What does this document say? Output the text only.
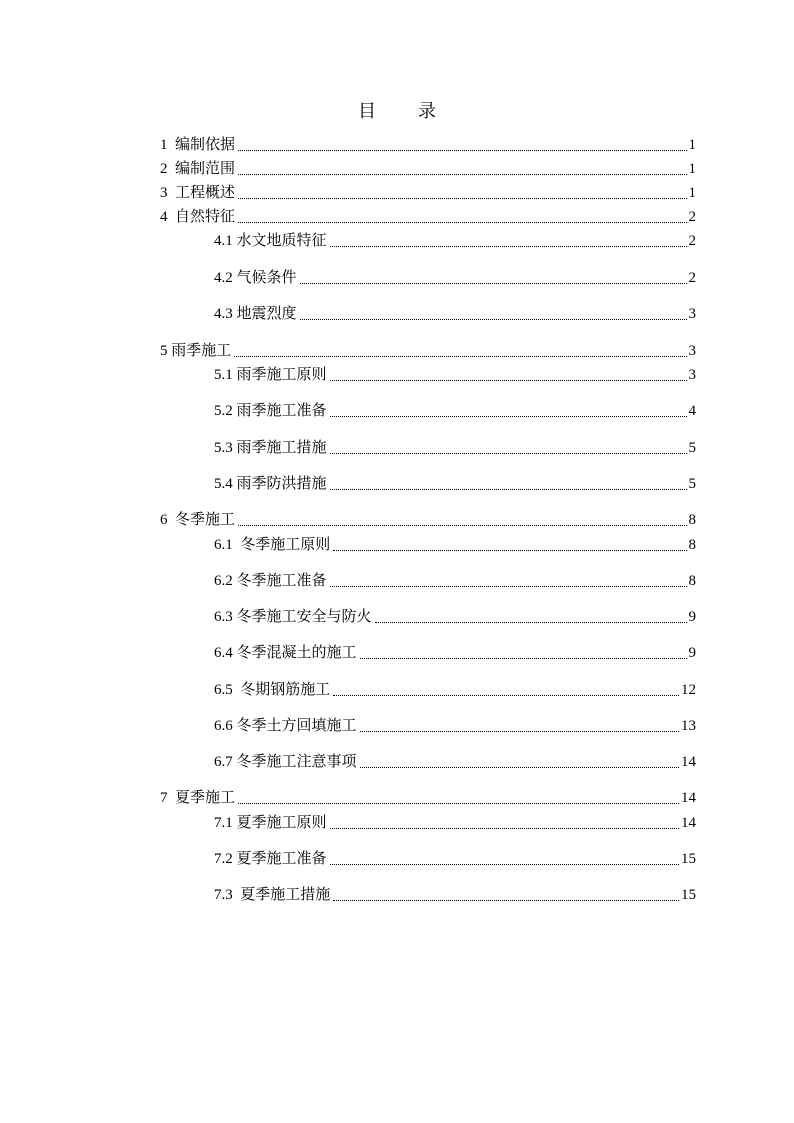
目 录
1 编制依据	1
2 编制范围	1
3 工程概述	1
4 自然特征	2
4.1 水文地质特征	2
4.2 气候条件	2
4.3 地震烈度	3
5 雨季施工	3
5.1 雨季施工原则	3
5.2 雨季施工准备	4
5.3 雨季施工措施	5
5.4 雨季防洪措施	5
6 冬季施工	8
6.1 冬季施工原则	8
6.2 冬季施工准备	8
6.3 冬季施工安全与防火	9
6.4 冬季混凝土的施工	9
6.5 冬期钢筋施工	12
6.6 冬季土方回填施工	13
6.7 冬季施工注意事项	14
7 夏季施工	14
7.1 夏季施工原则	14
7.2 夏季施工准备	15
7.3 夏季施工措施	15
